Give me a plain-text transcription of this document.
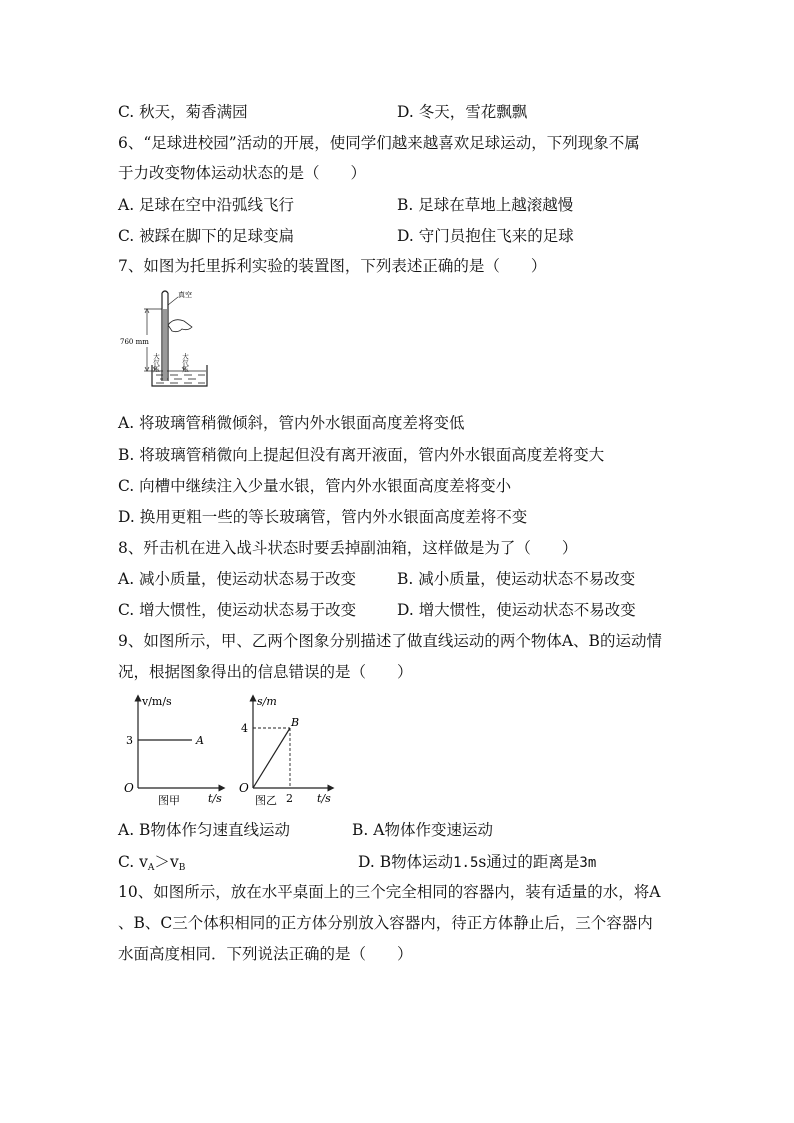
C. 秋天，菊香满园	D. 冬天，雪花飘飘
6、“足球进校园”活动的开展，使同学们越来越喜欢足球运动，下列现象不属
于力改变物体运动状态的是（　　）
A. 足球在空中沿弧线飞行	B. 足球在草地上越滚越慢
C. 被踩在脚下的足球变扁	D. 守门员抱住飞来的足球
7、如图为托里拆利实验的装置图，下列表述正确的是（　　）
真空
760 mm
大气压	大气压
A. 将玻璃管稍微倾斜，管内外水银面高度差将变低
B. 将玻璃管稍微向上提起但没有离开液面，管内外水银面高度差将变大
C. 向槽中继续注入少量水银，管内外水银面高度差将变小
D. 换用更粗一些的等长玻璃管，管内外水银面高度差将不变
8、歼击机在进入战斗状态时要丢掉副油箱，这样做是为了（　　）
A. 减小质量，使运动状态易于改变	B. 减小质量，使运动状态不易改变
C. 增大惯性，使运动状态易于改变	D. 增大惯性，使运动状态不易改变
9、如图所示，甲、乙两个图象分别描述了做直线运动的两个物体A、B的运动情
况，根据图象得出的信息错误的是（　　）
v/m/s
3	A
O
图甲	t/s
s/m
4	B
2
O
图乙	t/s
A. B物体作匀速直线运动	B. A物体作变速运动
C. $v_A>v_B$	D. B物体运动1.5s通过的距离是3m
10、如图所示，放在水平桌面上的三个完全相同的容器内，装有适量的水，将A
、B、C三个体积相同的正方体分别放入容器内，待正方体静止后，三个容器内
水面高度相同．下列说法正确的是（　　）
